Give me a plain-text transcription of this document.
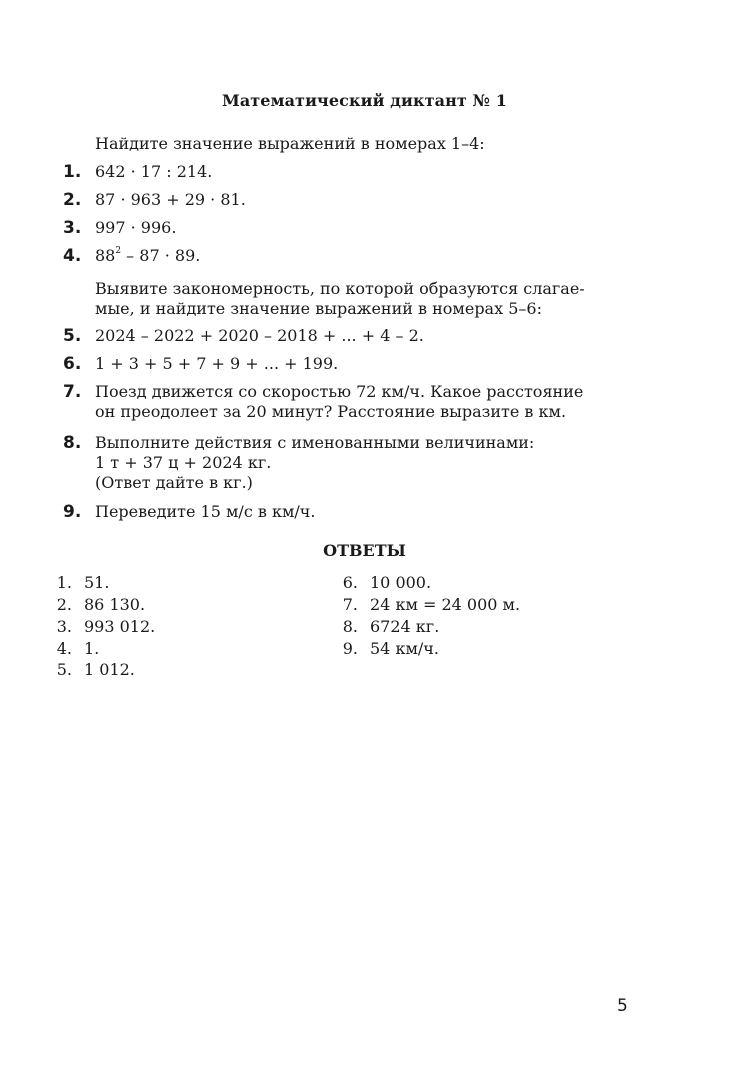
Математический диктант № 1
Найдите значение выражений в номерах 1–4:
1. 642 · 17 : 214.
2. 87 · 963 + 29 · 81.
3. 997 · 996.
4. $88^2 - 87 \cdot 89$.
Выявите закономерность, по которой образуются слагае-
мые, и найдите значение выражений в номерах 5–6:
5. 2024 – 2022 + 2020 – 2018 + ... + 4 – 2.
6. 1 + 3 + 5 + 7 + 9 + ... + 199.
7. Поезд движется со скоростью 72 км/ч. Какое расстояние
он преодолеет за 20 минут? Расстояние выразите в км.
8. Выполните действия с именованными величинами:
1 т + 37 ц + 2024 кг.
(Ответ дайте в кг.)
9. Переведите 15 м/с в км/ч.
ОТВЕТЫ
1. 51.
2. 86 130.
3. 993 012.
4. 1.
5. 1 012.
6. 10 000.
7. 24 км = 24 000 м.
8. 6724 кг.
9. 54 км/ч.
5
